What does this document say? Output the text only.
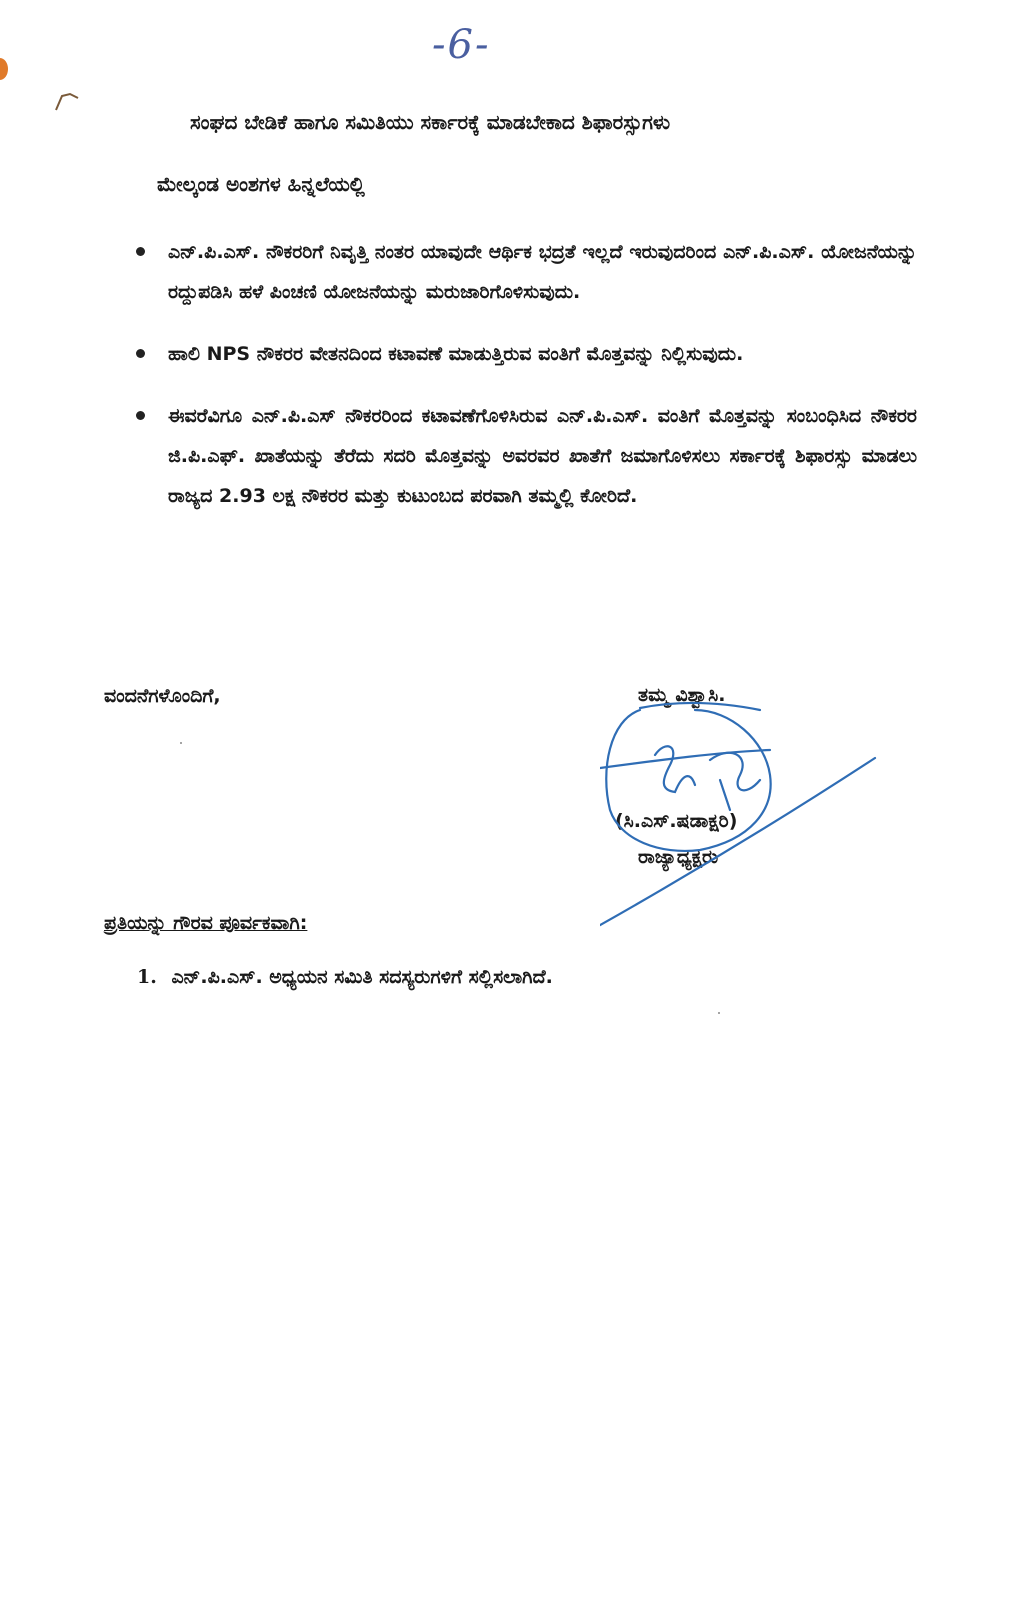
-6-
ಸಂಘದ ಬೇಡಿಕೆ ಹಾಗೂ ಸಮಿತಿಯು ಸರ್ಕಾರಕ್ಕೆ ಮಾಡಬೇಕಾದ ಶಿಫಾರಸ್ಸುಗಳು
ಮೇಲ್ಕಂಡ ಅಂಶಗಳ ಹಿನ್ನಲೆಯಲ್ಲಿ
ಎನ್.ಪಿ.ಎಸ್. ನೌಕರರಿಗೆ ನಿವೃತ್ತಿ ನಂತರ ಯಾವುದೇ ಆರ್ಥಿಕ ಭದ್ರತೆ ಇಲ್ಲದೆ ಇರುವುದರಿಂದ ಎನ್.ಪಿ.ಎಸ್. ಯೋಜನೆಯನ್ನು ರದ್ದುಪಡಿಸಿ ಹಳೆ ಪಿಂಚಣಿ ಯೋಜನೆಯನ್ನು ಮರುಜಾರಿಗೊಳಿಸುವುದು.
ಹಾಲಿ NPS ನೌಕರರ ವೇತನದಿಂದ ಕಟಾವಣೆ ಮಾಡುತ್ತಿರುವ ವಂತಿಗೆ ಮೊತ್ತವನ್ನು ನಿಲ್ಲಿಸುವುದು.
ಈವರೆವಿಗೂ ಎನ್.ಪಿ.ಎಸ್ ನೌಕರರಿಂದ ಕಟಾವಣೆಗೊಳಿಸಿರುವ ಎನ್.ಪಿ.ಎಸ್. ವಂತಿಗೆ ಮೊತ್ತವನ್ನು ಸಂಬಂಧಿಸಿದ ನೌಕರರ ಜಿ.ಪಿ.ಎಫ್. ಖಾತೆಯನ್ನು ತೆರೆದು ಸದರಿ ಮೊತ್ತವನ್ನು ಅವರವರ ಖಾತೆಗೆ ಜಮಾಗೊಳಿಸಲು ಸರ್ಕಾರಕ್ಕೆ ಶಿಫಾರಸ್ಸು ಮಾಡಲು ರಾಜ್ಯದ 2.93 ಲಕ್ಷ ನೌಕರರ ಮತ್ತು ಕುಟುಂಬದ ಪರವಾಗಿ ತಮ್ಮಲ್ಲಿ ಕೋರಿದೆ.
ವಂದನೆಗಳೊಂದಿಗೆ,	ತಮ್ಮ ವಿಶ್ವಾಸಿ.
(ಸಿ.ಎಸ್.ಷಡಾಕ್ಷರಿ)
ರಾಜ್ಯಾಧ್ಯಕ್ಷರು
ಪ್ರತಿಯನ್ನು ಗೌರವ ಪೂರ್ವಕವಾಗಿ:
1. ಎನ್.ಪಿ.ಎಸ್. ಅಧ್ಯಯನ ಸಮಿತಿ ಸದಸ್ಯರುಗಳಿಗೆ ಸಲ್ಲಿಸಲಾಗಿದೆ.
